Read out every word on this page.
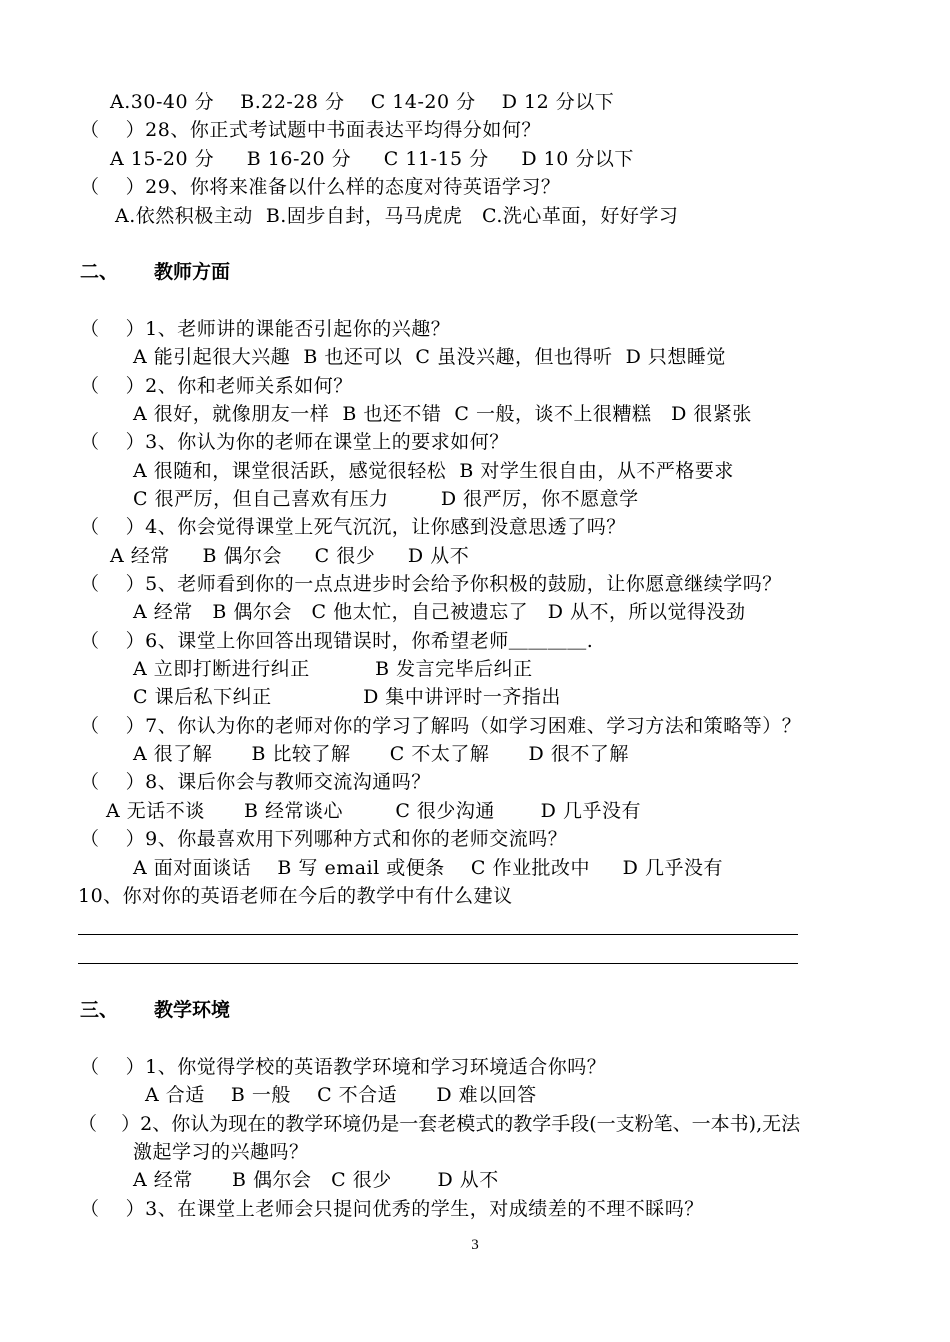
A.30-40 分    B.22-28 分    C 14-20 分    D 12 分以下
（    ）28、你正式考试题中书面表达平均得分如何？
A 15-20 分     B 16-20 分     C 11-15 分     D 10 分以下
（    ）29、你将来准备以什么样的态度对待英语学习？
A.依然积极主动  B.固步自封，马马虎虎   C.洗心革面，好好学习
二、 教师方面
（    ）1、老师讲的课能否引起你的兴趣？
A 能引起很大兴趣  B 也还可以  C 虽没兴趣，但也得听  D 只想睡觉
（    ）2、你和老师关系如何？
A 很好，就像朋友一样  B 也还不错  C 一般，谈不上很糟糕   D 很紧张
（    ）3、你认为你的老师在课堂上的要求如何？
A 很随和，课堂很活跃，感觉很轻松  B 对学生很自由，从不严格要求
C 很严厉，但自己喜欢有压力        D 很严厉，你不愿意学
（    ）4、你会觉得课堂上死气沉沉，让你感到没意思透了吗？
A 经常     B 偶尔会     C 很少     D 从不
（    ）5、老师看到你的一点点进步时会给予你积极的鼓励，让你愿意继续学吗？
A 经常   B 偶尔会   C 他太忙，自己被遗忘了   D 从不，所以觉得没劲
（    ）6、课堂上你回答出现错误时，你希望老师＿＿＿＿.
A 立即打断进行纠正          B 发言完毕后纠正
C 课后私下纠正              D 集中讲评时一齐指出
（    ）7、你认为你的老师对你的学习了解吗（如学习困难、学习方法和策略等）？
A 很了解      B 比较了解      C 不太了解      D 很不了解
（    ）8、课后你会与教师交流沟通吗？
A 无话不谈      B 经常谈心        C 很少沟通       D 几乎没有
（    ）9、你最喜欢用下列哪种方式和你的老师交流吗？
A 面对面谈话    B 写 email 或便条    C 作业批改中     D 几乎没有
10、你对你的英语老师在今后的教学中有什么建议
三、 教学环境
（    ）1、你觉得学校的英语教学环境和学习环境适合你吗？
A 合适    B 一般    C 不合适      D 难以回答
（    ）2、你认为现在的教学环境仍是一套老模式的教学手段(一支粉笔、一本书),无法
激起学习的兴趣吗？
A 经常      B 偶尔会   C 很少       D 从不
（    ）3、在课堂上老师会只提问优秀的学生，对成绩差的不理不睬吗？
3
